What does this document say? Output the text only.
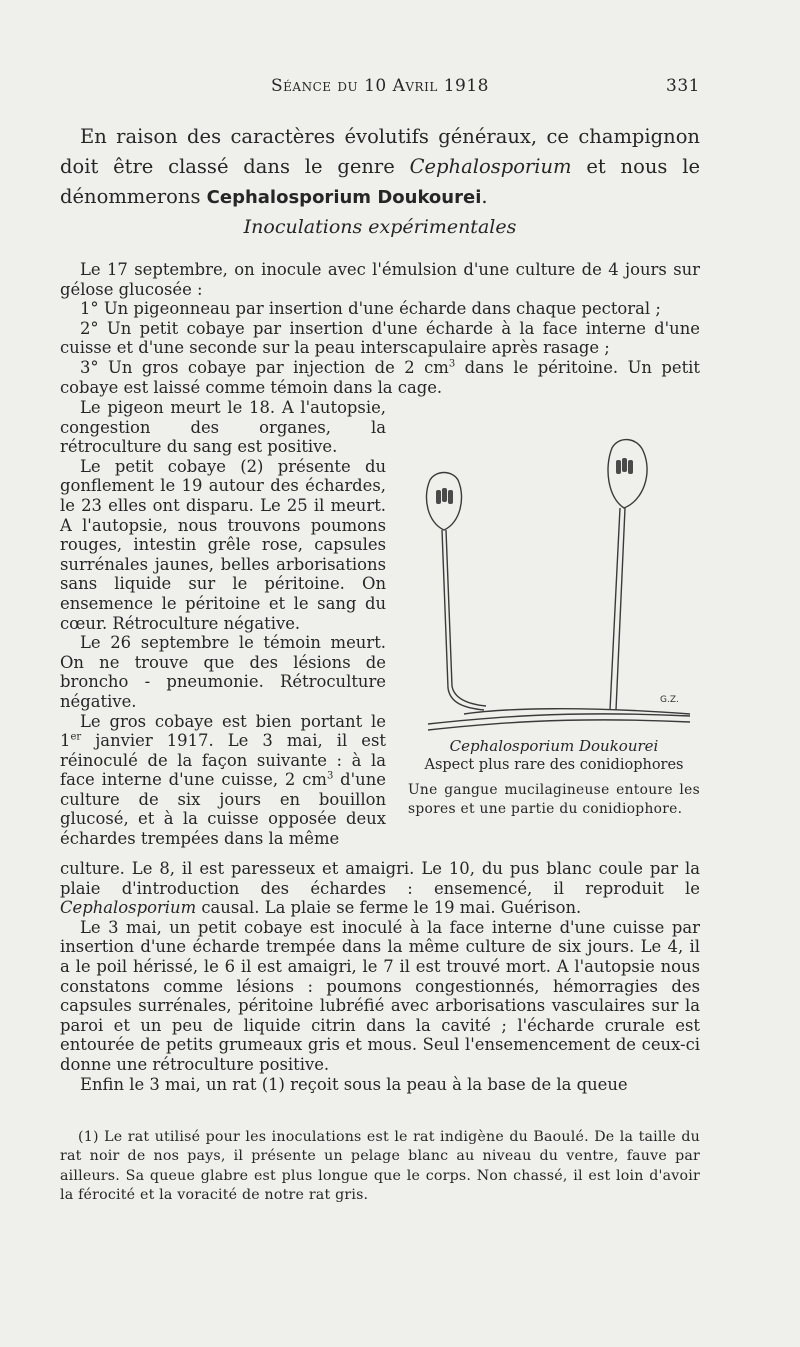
Séance du 10 Avril 1918	331
En raison des caractères évolutifs généraux, ce champignon doit être classé dans le genre Cephalosporium et nous le dénommerons Cephalosporium Doukourei.
Inoculations expérimentales

Le 17 septembre, on inocule avec l'émulsion d'une culture de 4 jours sur gélose glucosée :

1° Un pigeonneau par insertion d'une écharde dans chaque pectoral ;

2° Un petit cobaye par insertion d'une écharde à la face interne d'une cuisse et d'une seconde sur la peau interscapulaire après rasage ;

3° Un gros cobaye par injection de 2 $cm^3$ dans le péritoine. Un petit cobaye est laissé comme témoin dans la cage.

Le pigeon meurt le 18. A l'autopsie, congestion des organes, la rétroculture du sang est positive.

Le petit cobaye (2) présente du gonflement le 19 autour des échardes, le 23 elles ont disparu. Le 25 il meurt. A l'autopsie, nous trouvons poumons rouges, intestin grêle rose, capsules surrénales jaunes, belles arborisations sans liquide sur le péritoine. On ensemence le péritoine et le sang du cœur. Rétroculture négative.

Le 26 septembre le témoin meurt. On ne trouve que des lésions de broncho - pneumonie. Rétroculture négative.

Le gros cobaye est bien portant le 1er janvier 1917. Le 3 mai, il est réinoculé de la façon suivante : à la face interne d'une cuisse, 2 $cm^3$ d'une culture de six jours en bouillon glucosé, et à la cuisse opposée deux échardes trempées dans la même

G.Z.
Cephalosporium Doukourei
Aspect plus rare des conidiophores
Une gangue mucilagineuse entoure les spores et une partie du conidiophore.

culture. Le 8, il est paresseux et amaigri. Le 10, du pus blanc coule par la plaie d'introduction des échardes : ensemencé, il reproduit le Cephalosporium causal. La plaie se ferme le 19 mai. Guérison.

Le 3 mai, un petit cobaye est inoculé à la face interne d'une cuisse par insertion d'une écharde trempée dans la même culture de six jours. Le 4, il a le poil hérissé, le 6 il est amaigri, le 7 il est trouvé mort. A l'autopsie nous constatons comme lésions : poumons congestionnés, hémorragies des capsules surrénales, péritoine lubréfié avec arborisations vasculaires sur la paroi et un peu de liquide citrin dans la cavité ; l'écharde crurale est entourée de petits grumeaux gris et mous. Seul l'ensemencement de ceux-ci donne une rétroculture positive.

Enfin le 3 mai, un rat (1) reçoit sous la peau à la base de la queue

(1) Le rat utilisé pour les inoculations est le rat indigène du Baoulé. De la taille du rat noir de nos pays, il présente un pelage blanc au niveau du ventre, fauve par ailleurs. Sa queue glabre est plus longue que le corps. Non chassé, il est loin d'avoir la férocité et la voracité de notre rat gris.
